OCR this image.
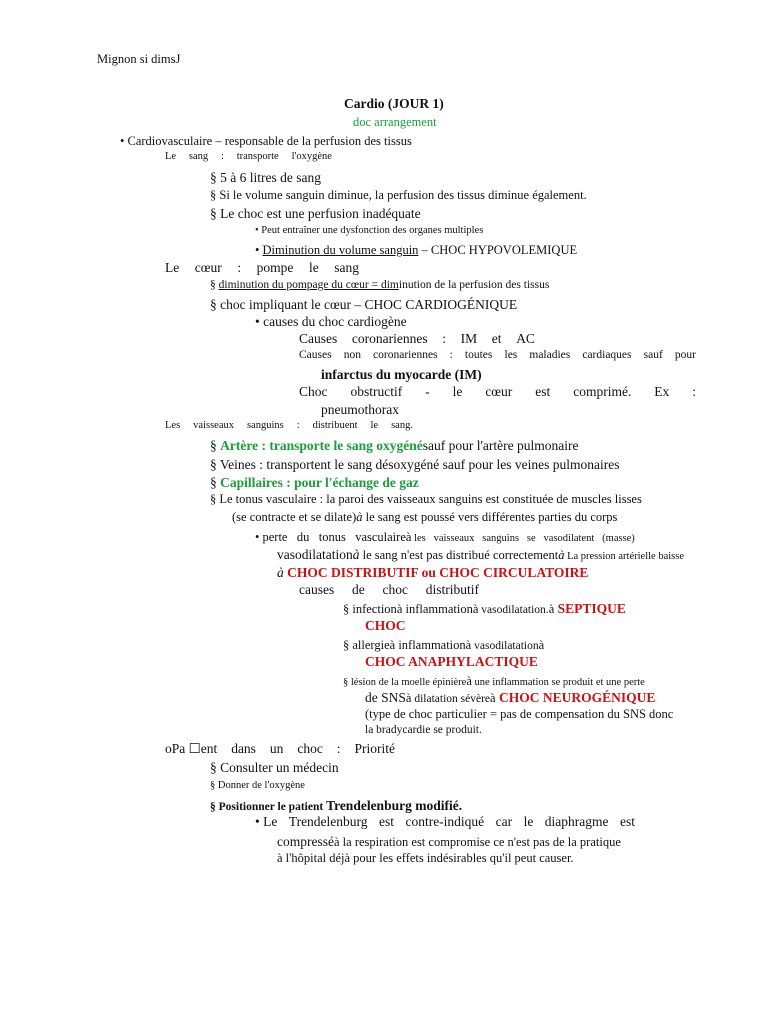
Mignon si dimsJ
Cardio (JOUR 1)
doc arrangement
• Cardiovasculaire – responsable de la perfusion des tissus
Le sang : transporte l'oxygène
§ 5 à 6 litres de sang
§ Si le volume sanguin diminue, la perfusion des tissus diminue également.
§ Le choc est une perfusion inadéquate
• Peut entraîner une dysfonction des organes multiples
• Diminution du volume sanguin – CHOC HYPOVOLEMIQUE
Le cœur : pompe le sang
§ diminution du pompage du cœur = diminution de la perfusion des tissus
§ choc impliquant le cœur – CHOC CARDIOGÉNIQUE
• causes du choc cardiogène
Causes coronariennes : IM et AC
Causes non coronariennes : toutes les maladies cardiaques sauf pour
infarctus du myocarde (IM)
Choc obstructif - le cœur est comprimé. Ex :
pneumothorax
Les vaisseaux sanguins : distribuent le sang.
§ Artère : transporte le sang oxygénésauf pour l'artère pulmonaire
§ Veines : transportent le sang désoxygéné sauf pour les veines pulmonaires
§ Capillaires : pour l'échange de gaz
§ Le tonus vasculaire : la paroi des vaisseaux sanguins est constituée de muscles lisses
(se contracte et se dilate)à le sang est poussé vers différentes parties du corps
• perte   du   tonus   vasculaireà les   vaisseaux   sanguins   se   vasodilatent   (masse)
vasodilatationà le sang n'est pas distribué correctementà La pression artérielle baisse
à CHOC DISTRIBUTIF ou CHOC CIRCULATOIRE
causes de choc distributif
§ infectionà inflammationà vasodilatation.à SEPTIQUE
CHOC
§ allergieà inflammationà vasodilatationà
CHOC ANAPHYLACTIQUE
§ lésion de la moelle épinièreà une inflammation se produit et une perte
de SNSà dilatation sévèreà CHOC NEUROGÉNIQUE
(type de choc particulier = pas de compensation du SNS donc
la bradycardie se produit.
oPa ☐ent dans un choc : Priorité
§ Consulter un médecin
§ Donner de l'oxygène
§ Positionner le patient Trendelenburg modifié.
• Le Trendelenburg est contre-indiqué car le diaphragme est
compresséà la respiration est compromise ce n'est pas de la pratique
à l'hôpital déjà pour les effets indésirables qu'il peut causer.
